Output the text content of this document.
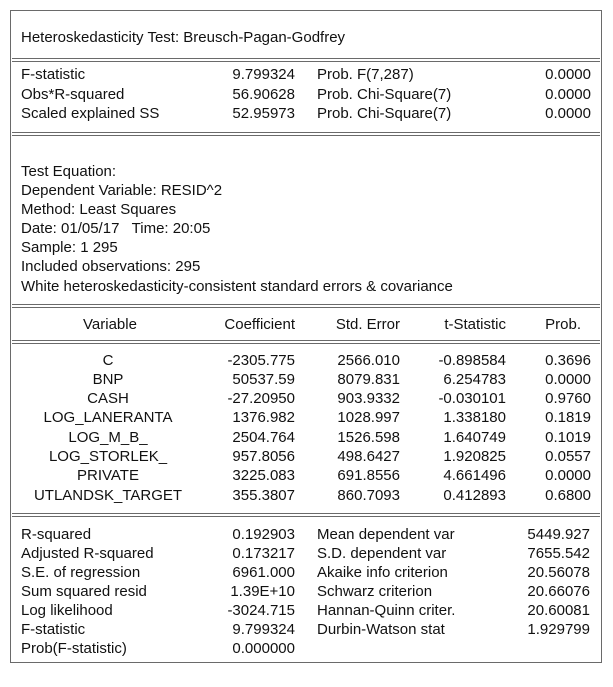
Heteroskedasticity Test: Breusch-Pagan-Godfrey
F-statistic	9.799324 Prob. F(7,287)	0.0000
Obs*R-squared	56.90628 Prob. Chi-Square(7)	0.0000
Scaled explained SS	52.95973 Prob. Chi-Square(7)	0.0000
Test Equation:
Dependent Variable: RESID^2
Method: Least Squares
Date: 01/05/17   Time: 20:05
Sample: 1 295
Included observations: 295
White heteroskedasticity-consistent standard errors & covariance
Variable	Coefficient	Std. Error	t-Statistic	Prob.
C	-2305.775	2566.010	-0.898584	0.3696
BNP	50537.59	8079.831	6.254783	0.0000
CASH	-27.20950	903.9332	-0.030101	0.9760
LOG_LANERANTA	1376.982	1028.997	1.338180	0.1819
LOG_M_B_	2504.764	1526.598	1.640749	0.1019
LOG_STORLEK_	957.8056	498.6427	1.920825	0.0557
PRIVATE	3225.083	691.8556	4.661496	0.0000
UTLANDSK_TARGET	355.3807	860.7093	0.412893	0.6800
R-squared	0.192903 Mean dependent var	5449.927
Adjusted R-squared	0.173217 S.D. dependent var	7655.542
S.E. of regression	6961.000 Akaike info criterion	20.56078
Sum squared resid	1.39E+10 Schwarz criterion	20.66076
Log likelihood	-3024.715 Hannan-Quinn criter.	20.60081
F-statistic	9.799324 Durbin-Watson stat	1.929799
Prob(F-statistic)	0.000000
